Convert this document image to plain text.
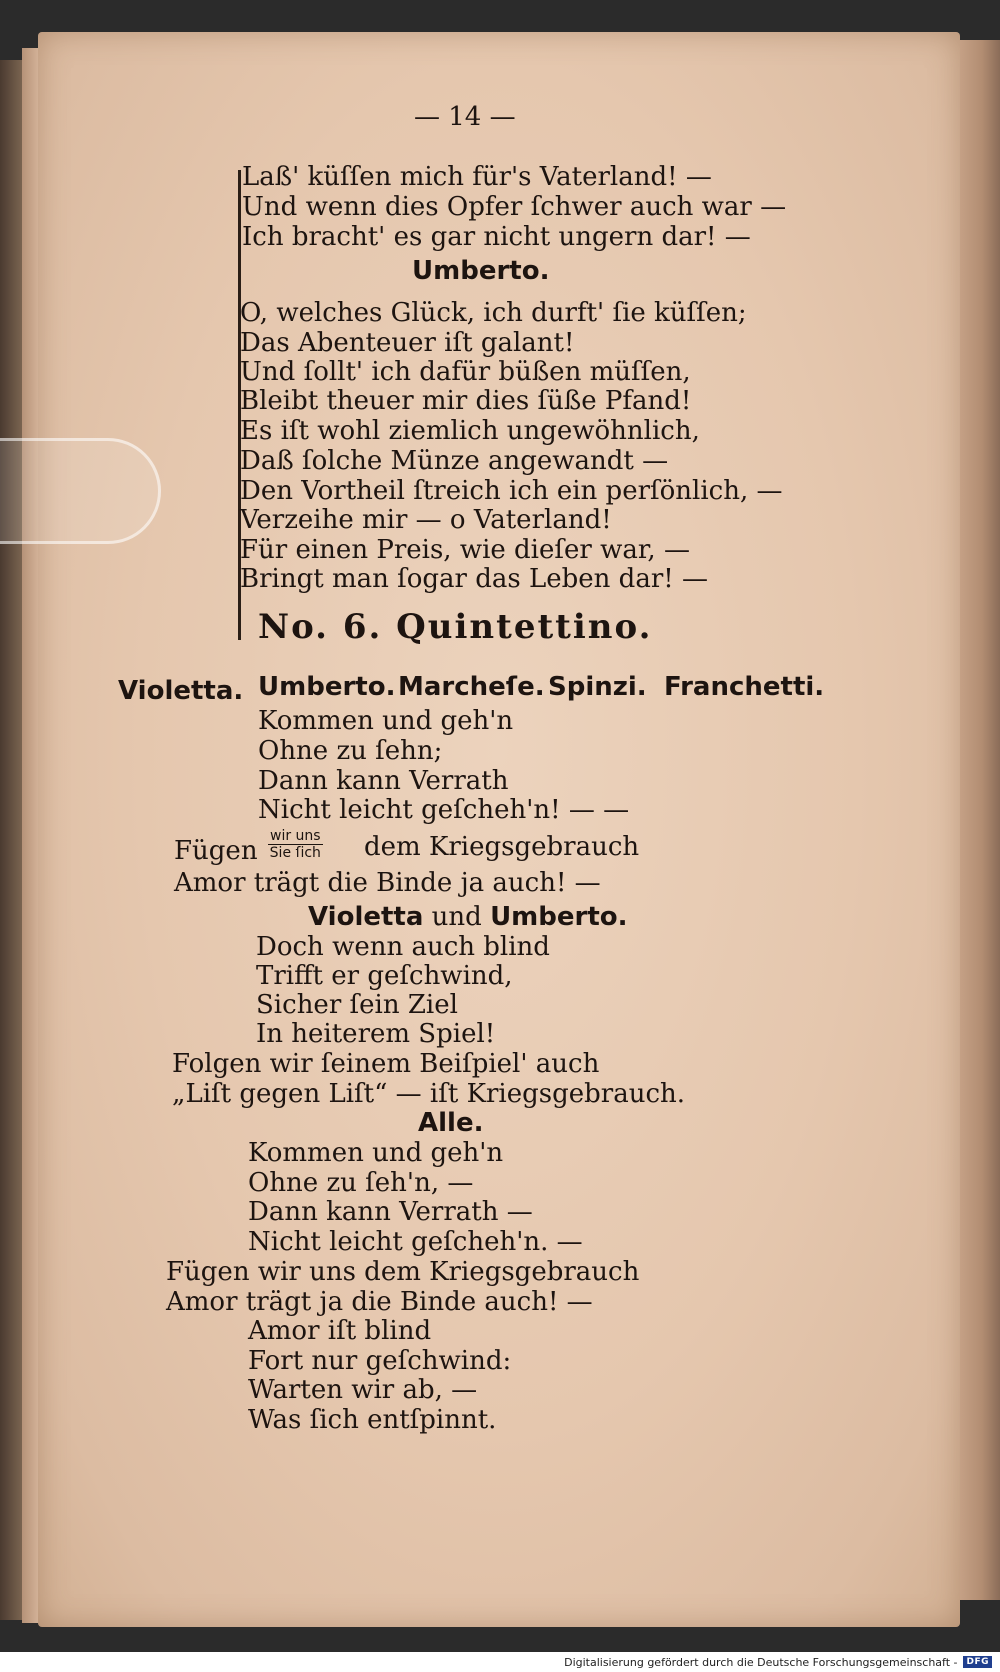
— 14 —
Laß' küſſen mich für's Vaterland! —
Und wenn dies Opfer ſchwer auch war —
Ich bracht' es gar nicht ungern dar! —
Umberto.
O, welches Glück, ich durft' ſie küſſen;
Das Abenteuer iſt galant!
Und ſollt' ich dafür büßen müſſen,
Bleibt theuer mir dies ſüße Pfand!
Es iſt wohl ziemlich ungewöhnlich,
Daß ſolche Münze angewandt —
Den Vortheil ſtreich ich ein perſönlich, —
Verzeihe mir — o Vaterland!
Für einen Preis, wie dieſer war, —
Bringt man ſogar das Leben dar! —
No. 6. Quintettino.
Violetta. Umberto. Marcheſe. Spinzi. Franchetti.
Kommen und geh'n
Ohne zu ſehn;
Dann kann Verrath
Nicht leicht geſcheh'n! — —
Fügen wir uns
Sie ſich dem Kriegsgebrauch
Amor trägt die Binde ja auch! —
Violetta und Umberto.
Doch wenn auch blind
Trifft er geſchwind,
Sicher ſein Ziel
In heiterem Spiel!
Folgen wir ſeinem Beiſpiel' auch
„Liſt gegen Liſt“ — iſt Kriegsgebrauch.
Alle.
Kommen und geh'n
Ohne zu ſeh'n, —
Dann kann Verrath —
Nicht leicht geſcheh'n. —
Fügen wir uns dem Kriegsgebrauch
Amor trägt ja die Binde auch! —
Amor iſt blind
Fort nur geſchwind:
Warten wir ab, —
Was ſich entſpinnt.
Digitalisierung gefördert durch die Deutsche Forschungsgemeinschaft -	DFG
